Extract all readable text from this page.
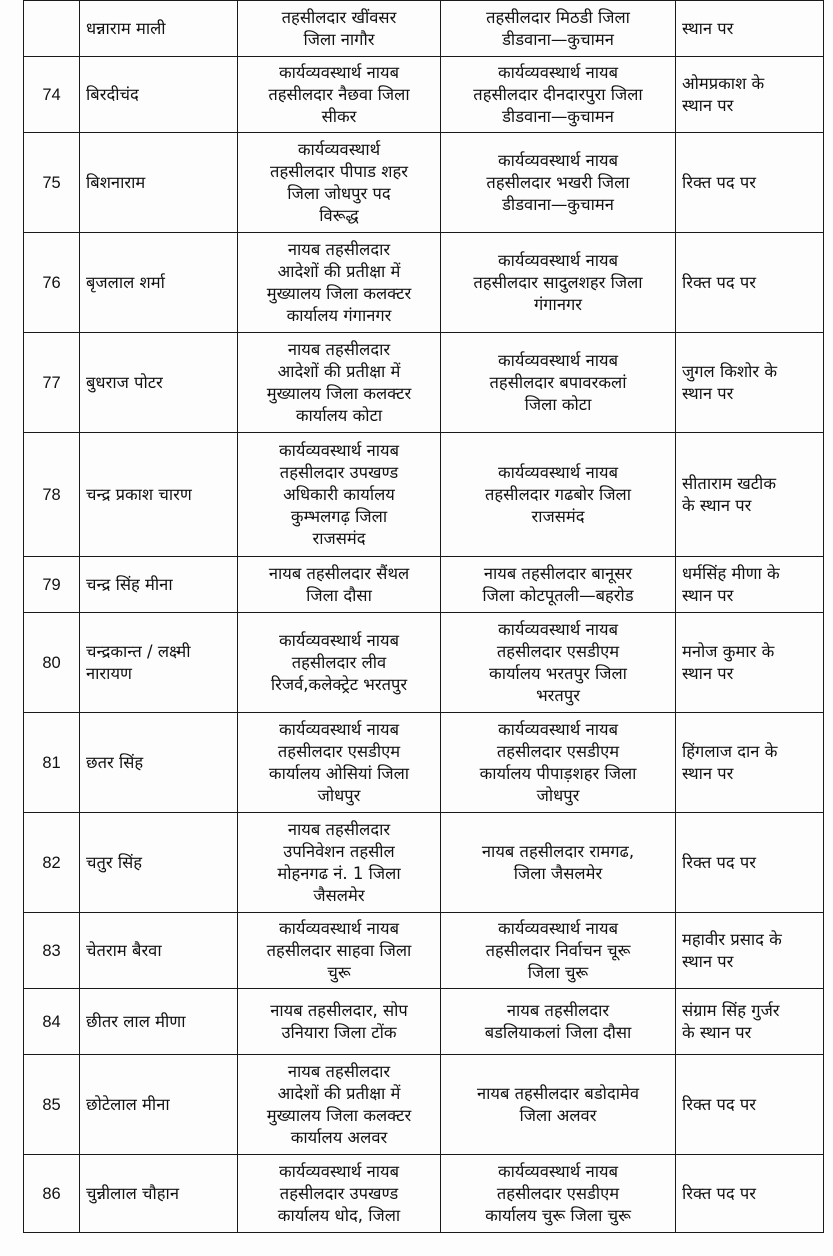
	धन्नाराम माली	तहसीलदार खींवसर
जिला नागौर	तहसीलदार मिठडी जिला
डीडवाना—कुचामन	स्थान पर

74	बिरदीचंद	कार्यव्यवस्थार्थ नायब
तहसीलदार नैछवा जिला
सीकर	कार्यव्यवस्थार्थ नायब
तहसीलदार दीनदारपुरा जिला
डीडवाना—कुचामन	ओमप्रकाश के
स्थान पर

75	बिशनाराम	कार्यव्यवस्थार्थ
तहसीलदार पीपाड शहर
जिला जोधपुर पद
विरूद्ध	कार्यव्यवस्थार्थ नायब
तहसीलदार भखरी जिला
डीडवाना—कुचामन	रिक्त पद पर

76	बृजलाल शर्मा	नायब तहसीलदार
आदेशों की प्रतीक्षा में
मुख्यालय जिला कलक्टर
कार्यालय गंगानगर	कार्यव्यवस्थार्थ नायब
तहसीलदार सादुलशहर जिला
गंगानगर	रिक्त पद पर

77	बुधराज पोटर	नायब तहसीलदार
आदेशों की प्रतीक्षा में
मुख्यालय जिला कलक्टर
कार्यालय कोटा	कार्यव्यवस्थार्थ नायब
तहसीलदार बपावरकलां
जिला कोटा	जुगल किशोर के
स्थान पर

78	चन्द्र प्रकाश चारण	कार्यव्यवस्थार्थ नायब
तहसीलदार उपखण्ड
अधिकारी कार्यालय
कुम्भलगढ़ जिला
राजसमंद	कार्यव्यवस्थार्थ नायब
तहसीलदार गढबोर जिला
राजसमंद	सीताराम खटीक
के स्थान पर

79	चन्द्र सिंह मीना	नायब तहसीलदार सैंथल
जिला दौसा	नायब तहसीलदार बानूसर
जिला कोटपूतली—बहरोड	धर्मसिंह मीणा के
स्थान पर

80	चन्द्रकान्त / लक्ष्मी नारायण	कार्यव्यवस्थार्थ नायब
तहसीलदार लीव
रिजर्व,कलेक्ट्रेट भरतपुर	कार्यव्यवस्थार्थ नायब
तहसीलदार एसडीएम
कार्यालय भरतपुर जिला
भरतपुर	मनोज कुमार के
स्थान पर

81	छतर सिंह	कार्यव्यवस्थार्थ नायब
तहसीलदार एसडीएम
कार्यालय ओसियां जिला
जोधपुर	कार्यव्यवस्थार्थ नायब
तहसीलदार एसडीएम
कार्यालय पीपाड़शहर जिला
जोधपुर	हिंगलाज दान के
स्थान पर

82	चतुर सिंह	नायब तहसीलदार
उपनिवेशन तहसील
मोहनगढ नं. 1 जिला
जैसलमेर	नायब तहसीलदार रामगढ,
जिला जैसलमेर	रिक्त पद पर

83	चेतराम बैरवा	कार्यव्यवस्थार्थ नायब
तहसीलदार साहवा जिला
चुरू	कार्यव्यवस्थार्थ नायब
तहसीलदार निर्वाचन चूरू
जिला चुरू	महावीर प्रसाद के
स्थान पर

84	छीतर लाल मीणा	नायब तहसीलदार, सोप
उनियारा जिला टोंक	नायब तहसीलदार
बडलियाकलां जिला दौसा	संग्राम सिंह गुर्जर
के स्थान पर

85	छोटेलाल मीना	नायब तहसीलदार
आदेशों की प्रतीक्षा में
मुख्यालय जिला कलक्टर
कार्यालय अलवर	नायब तहसीलदार बडोदामेव
जिला अलवर	रिक्त पद पर

86	चुन्नीलाल चौहान	कार्यव्यवस्थार्थ नायब
तहसीलदार उपखण्ड
कार्यालय धोद, जिला	कार्यव्यवस्थार्थ नायब
तहसीलदार एसडीएम
कार्यालय चुरू जिला चुरू	रिक्त पद पर
